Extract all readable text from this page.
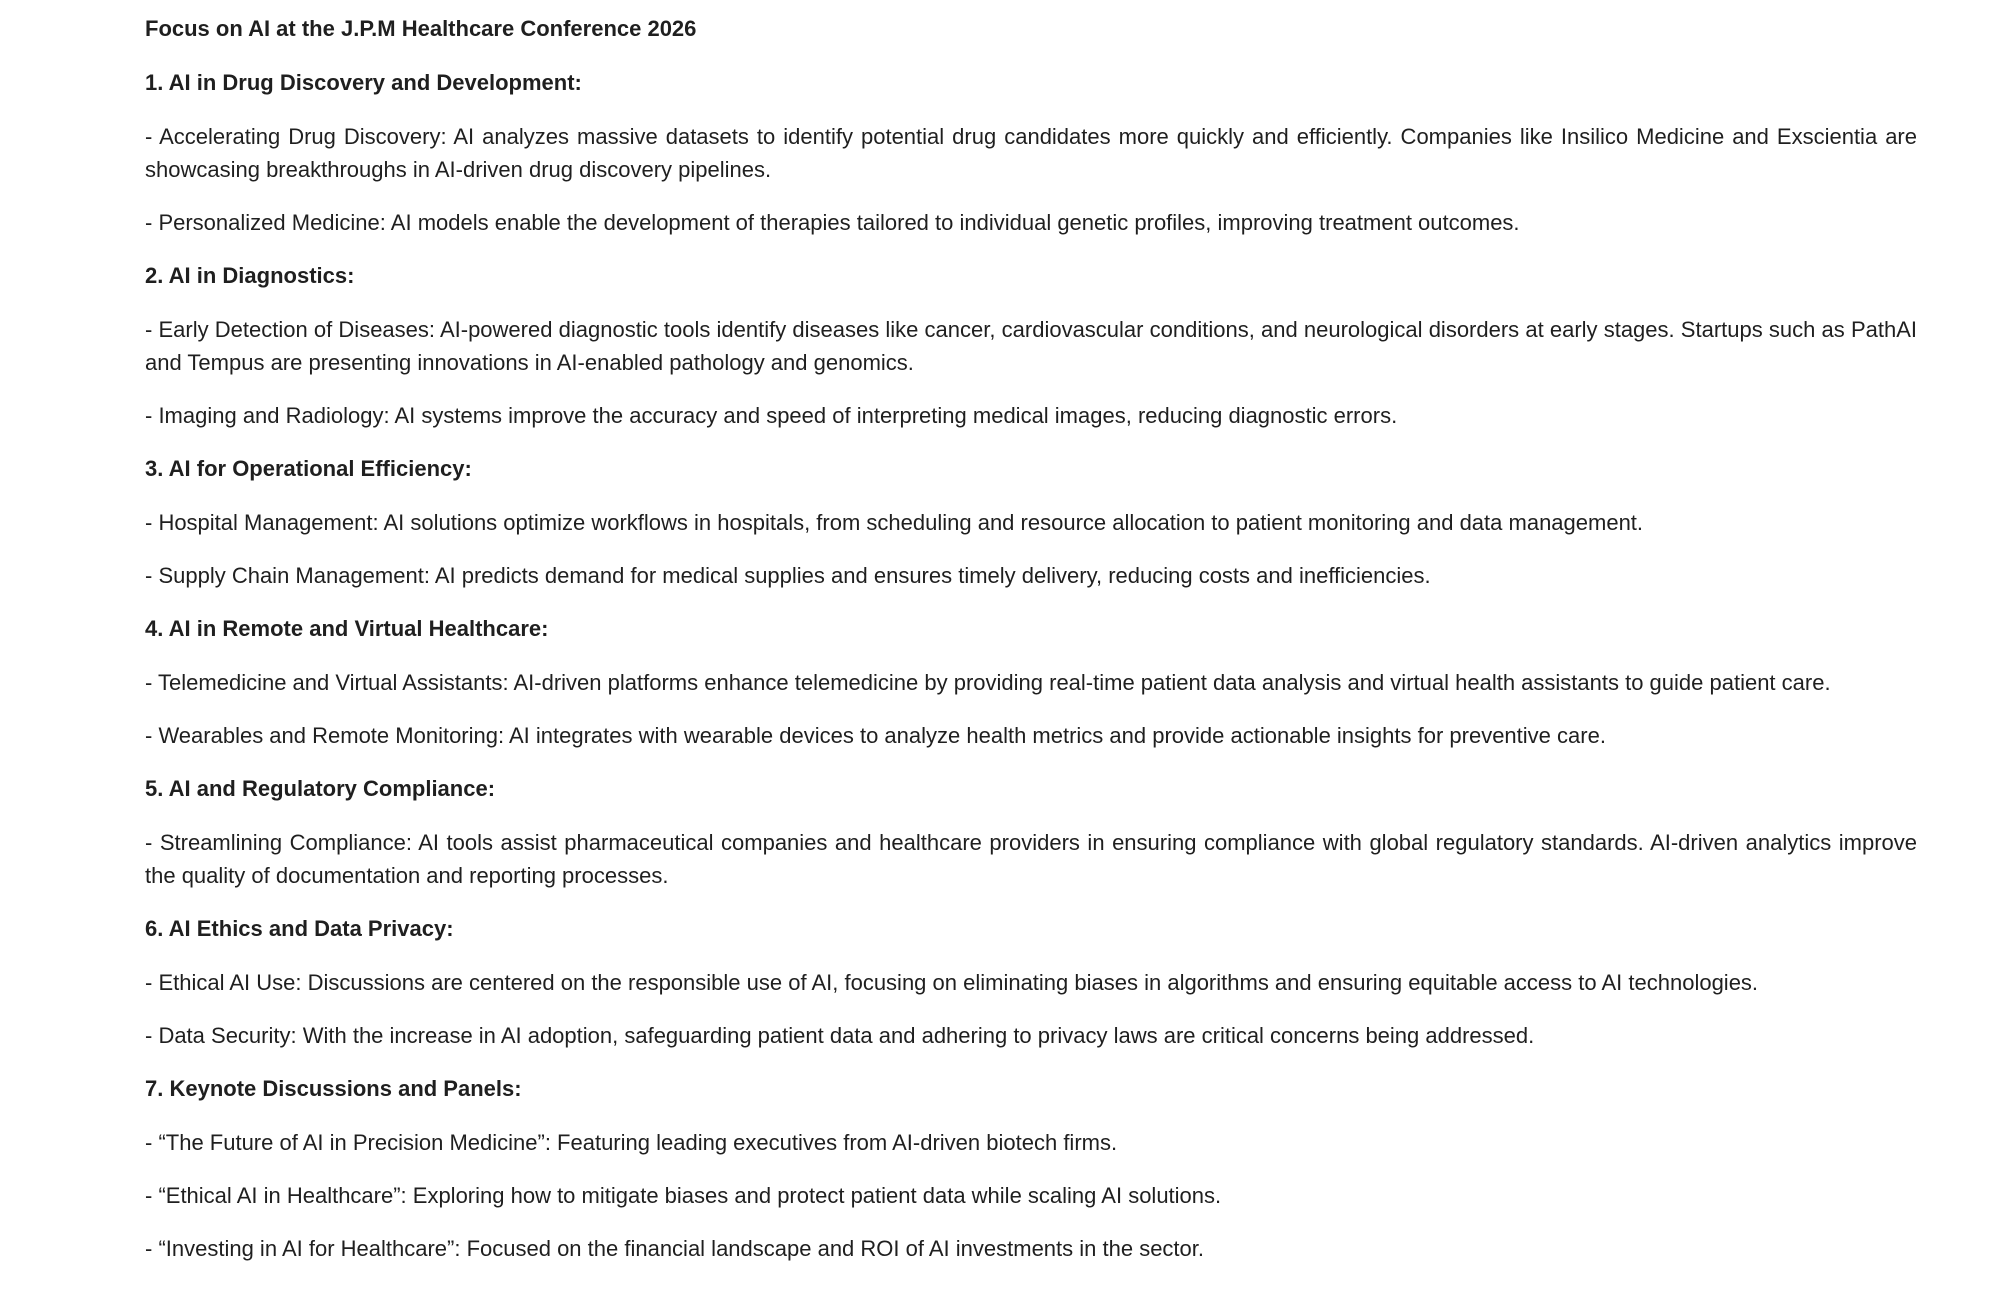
Focus on AI at the J.P.M Healthcare Conference 2026
1. AI in Drug Discovery and Development:
- Accelerating Drug Discovery: AI analyzes massive datasets to identify potential drug candidates more quickly and efficiently. Companies like Insilico Medicine and Exscientia are showcasing breakthroughs in AI-driven drug discovery pipelines.
- Personalized Medicine: AI models enable the development of therapies tailored to individual genetic profiles, improving treatment outcomes.
2. AI in Diagnostics:
- Early Detection of Diseases: AI-powered diagnostic tools identify diseases like cancer, cardiovascular conditions, and neurological disorders at early stages. Startups such as PathAI and Tempus are presenting innovations in AI-enabled pathology and genomics.
- Imaging and Radiology: AI systems improve the accuracy and speed of interpreting medical images, reducing diagnostic errors.
3. AI for Operational Efficiency:
- Hospital Management: AI solutions optimize workflows in hospitals, from scheduling and resource allocation to patient monitoring and data management.
- Supply Chain Management: AI predicts demand for medical supplies and ensures timely delivery, reducing costs and inefficiencies.
4. AI in Remote and Virtual Healthcare:
- Telemedicine and Virtual Assistants: AI-driven platforms enhance telemedicine by providing real-time patient data analysis and virtual health assistants to guide patient care.
- Wearables and Remote Monitoring: AI integrates with wearable devices to analyze health metrics and provide actionable insights for preventive care.
5. AI and Regulatory Compliance:
- Streamlining Compliance: AI tools assist pharmaceutical companies and healthcare providers in ensuring compliance with global regulatory standards. AI-driven analytics improve the quality of documentation and reporting processes.
6. AI Ethics and Data Privacy:
- Ethical AI Use: Discussions are centered on the responsible use of AI, focusing on eliminating biases in algorithms and ensuring equitable access to AI technologies.
- Data Security: With the increase in AI adoption, safeguarding patient data and adhering to privacy laws are critical concerns being addressed.
7. Keynote Discussions and Panels:
- “The Future of AI in Precision Medicine”: Featuring leading executives from AI-driven biotech firms.
- “Ethical AI in Healthcare”: Exploring how to mitigate biases and protect patient data while scaling AI solutions.
- “Investing in AI for Healthcare”: Focused on the financial landscape and ROI of AI investments in the sector.
